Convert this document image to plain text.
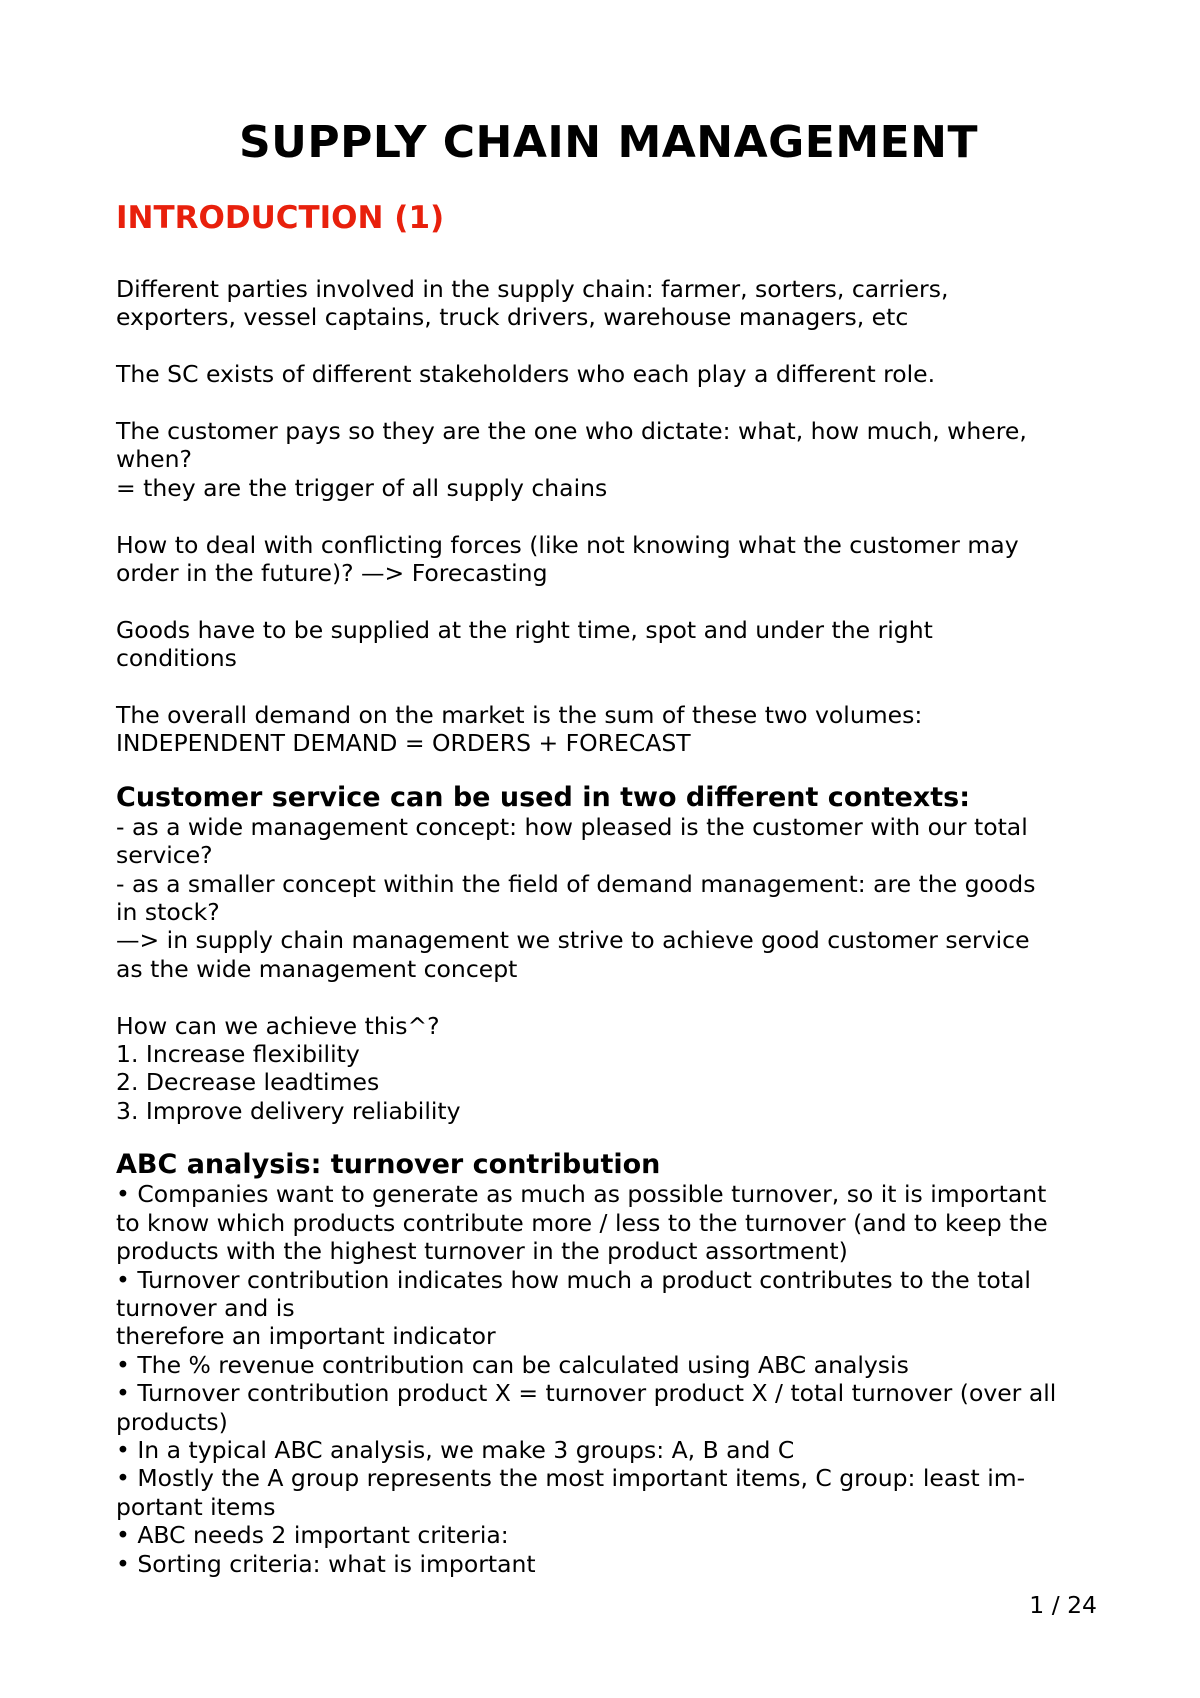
SUPPLY CHAIN MANAGEMENT
INTRODUCTION (1)

Different parties involved in the supply chain: farmer, sorters, carriers,
exporters, vessel captains, truck drivers, warehouse managers, etc

The SC exists of different stakeholders who each play a different role.

The customer pays so they are the one who dictate: what, how much, where,
when?
= they are the trigger of all supply chains

How to deal with conflicting forces (like not knowing what the customer may
order in the future)? —> Forecasting

Goods have to be supplied at the right time, spot and under the right
conditions

The overall demand on the market is the sum of these two volumes:
INDEPENDENT DEMAND = ORDERS + FORECAST

Customer service can be used in two different contexts:
- as a wide management concept: how pleased is the customer with our total
service?
- as a smaller concept within the field of demand management: are the goods
in stock?
—> in supply chain management we strive to achieve good customer service
as the wide management concept
How can we achieve this^?
1. Increase flexibility
2. Decrease leadtimes
3. Improve delivery reliability
ABC analysis: turnover contribution
• Companies want to generate as much as possible turnover, so it is important
to know which products contribute more / less to the turnover (and to keep the
products with the highest turnover in the product assortment)
• Turnover contribution indicates how much a product contributes to the total
turnover and is
therefore an important indicator
• The % revenue contribution can be calculated using ABC analysis
• Turnover contribution product X = turnover product X / total turnover (over all
products)
• In a typical ABC analysis, we make 3 groups: A, B and C
• Mostly the A group represents the most important items, C group: least im-
portant items
• ABC needs 2 important criteria:
• Sorting criteria: what is important
1 / 24
